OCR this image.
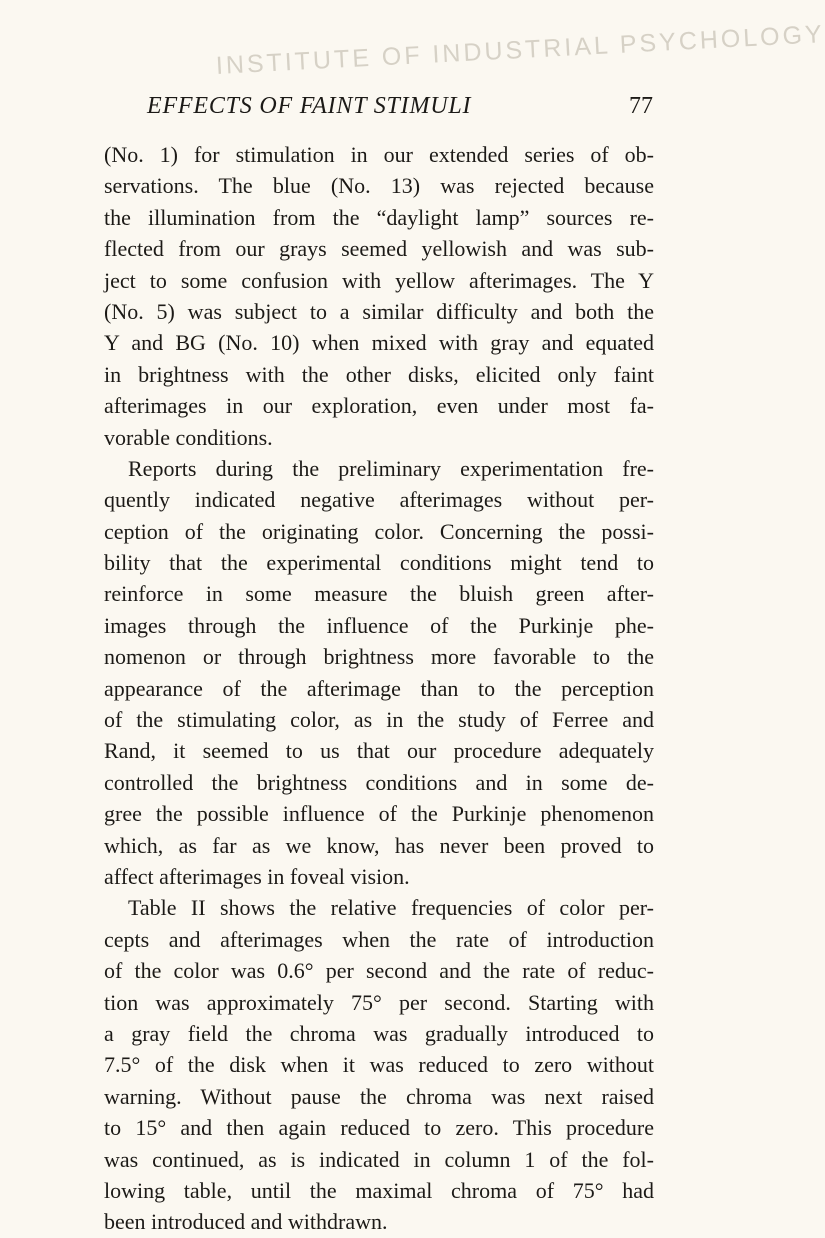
INSTITUTE OF INDUSTRIAL PSYCHOLOGY
EFFECTS OF FAINT STIMULI	77
(No. 1) for stimulation in our extended series of ob-
servations. The blue (No. 13) was rejected because
the illumination from the “daylight lamp” sources re-
flected from our grays seemed yellowish and was sub-
ject to some confusion with yellow afterimages. The Y
(No. 5) was subject to a similar difficulty and both the
Y and BG (No. 10) when mixed with gray and equated
in brightness with the other disks, elicited only faint
afterimages in our exploration, even under most fa-
vorable conditions.
Reports during the preliminary experimentation fre-
quently indicated negative afterimages without per-
ception of the originating color. Concerning the possi-
bility that the experimental conditions might tend to
reinforce in some measure the bluish green after-
images through the influence of the Purkinje phe-
nomenon or through brightness more favorable to the
appearance of the afterimage than to the perception
of the stimulating color, as in the study of Ferree and
Rand, it seemed to us that our procedure adequately
controlled the brightness conditions and in some de-
gree the possible influence of the Purkinje phenomenon
which, as far as we know, has never been proved to
affect afterimages in foveal vision.
Table II shows the relative frequencies of color per-
cepts and afterimages when the rate of introduction
of the color was 0.6° per second and the rate of reduc-
tion was approximately 75° per second. Starting with
a gray field the chroma was gradually introduced to
7.5° of the disk when it was reduced to zero without
warning. Without pause the chroma was next raised
to 15° and then again reduced to zero. This procedure
was continued, as is indicated in column 1 of the fol-
lowing table, until the maximal chroma of 75° had
been introduced and withdrawn.
